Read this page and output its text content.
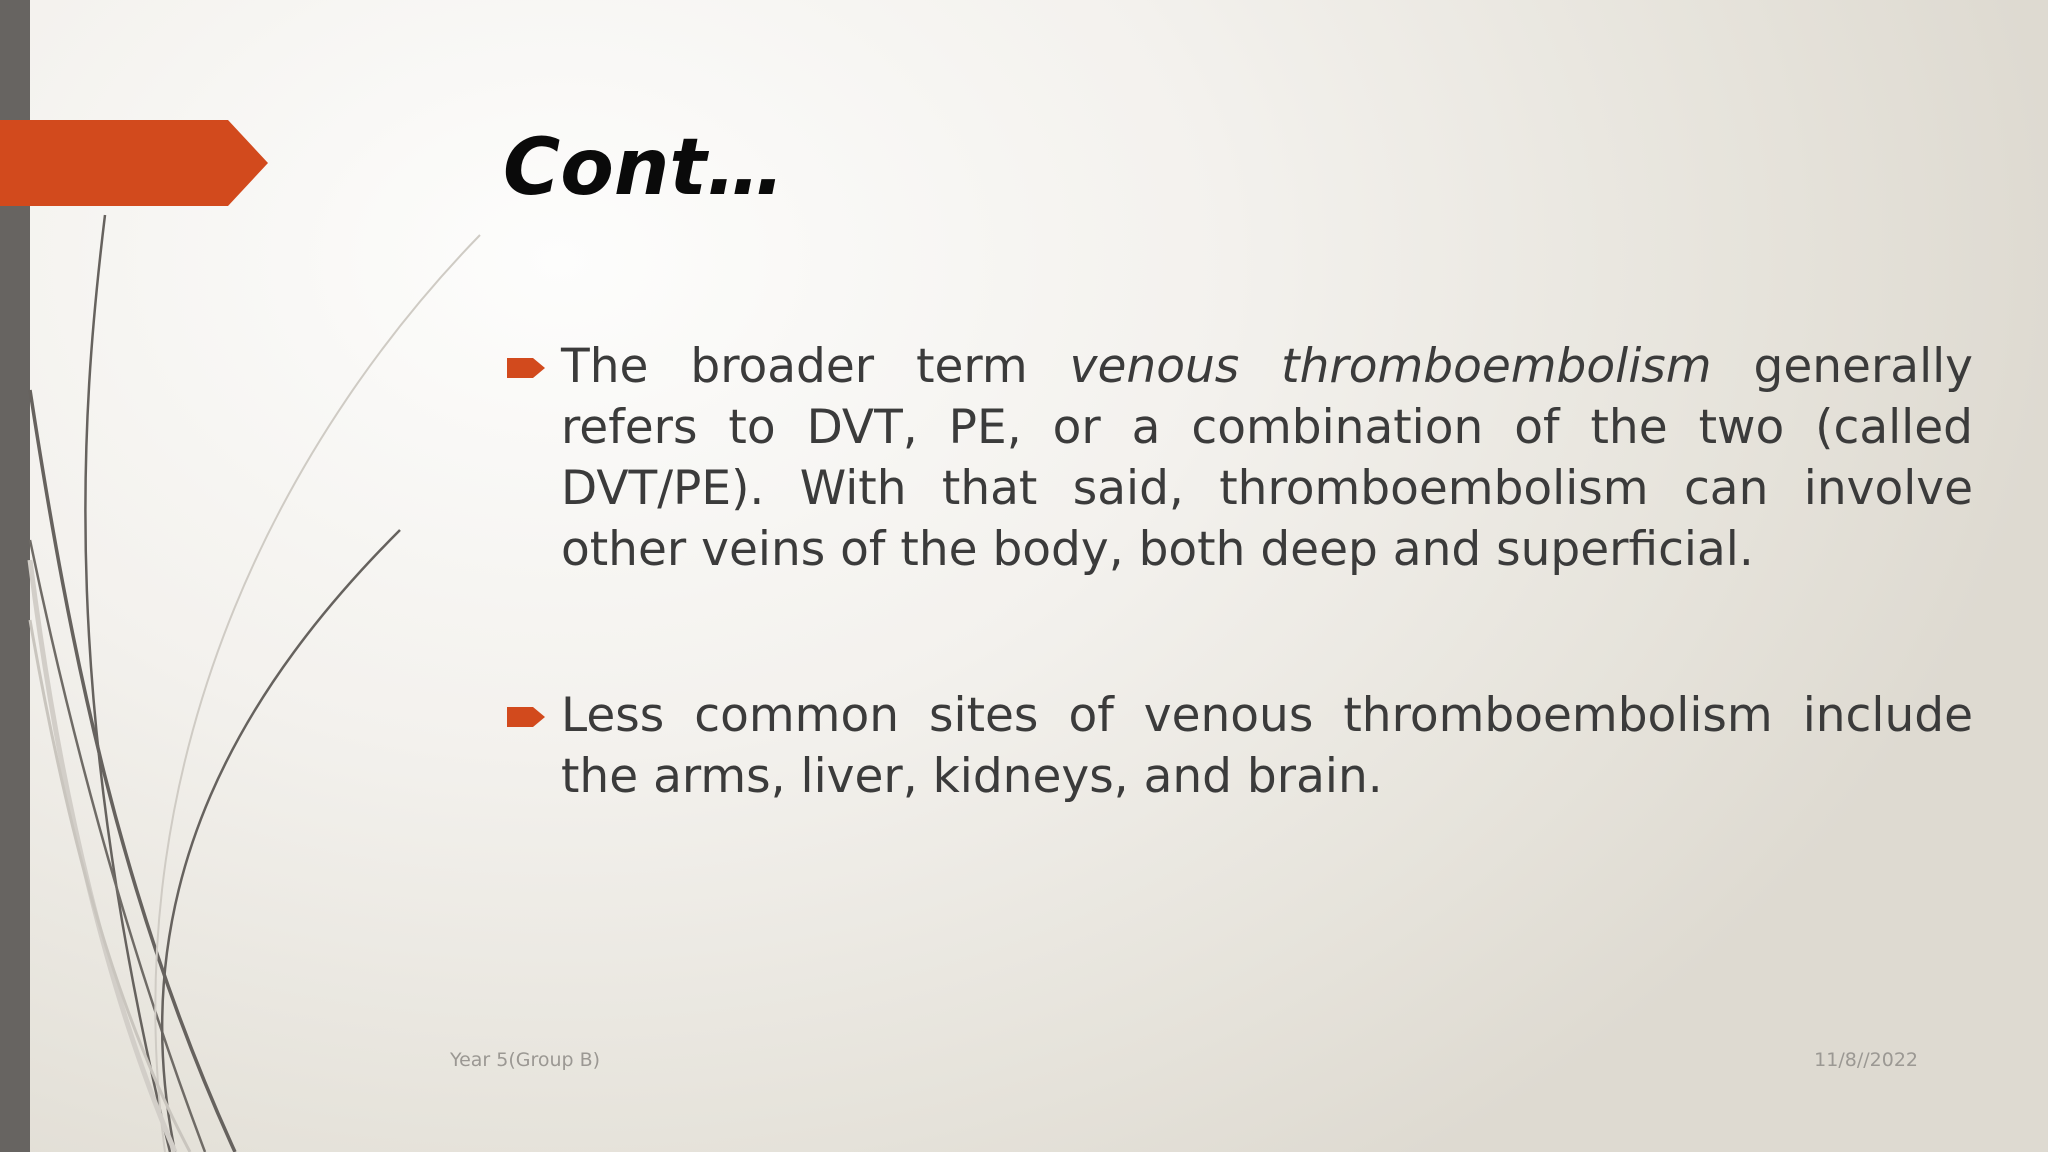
Cont…
The broader term venous thromboembolism generally refers to DVT, PE, or a combination of the two (called DVT/PE). With that said, thromboembolism can involve other veins of the body, both deep and superficial.
Less common sites of venous thromboembolism include the arms, liver, kidneys, and brain.
Year 5(Group B)	11/8//2022
